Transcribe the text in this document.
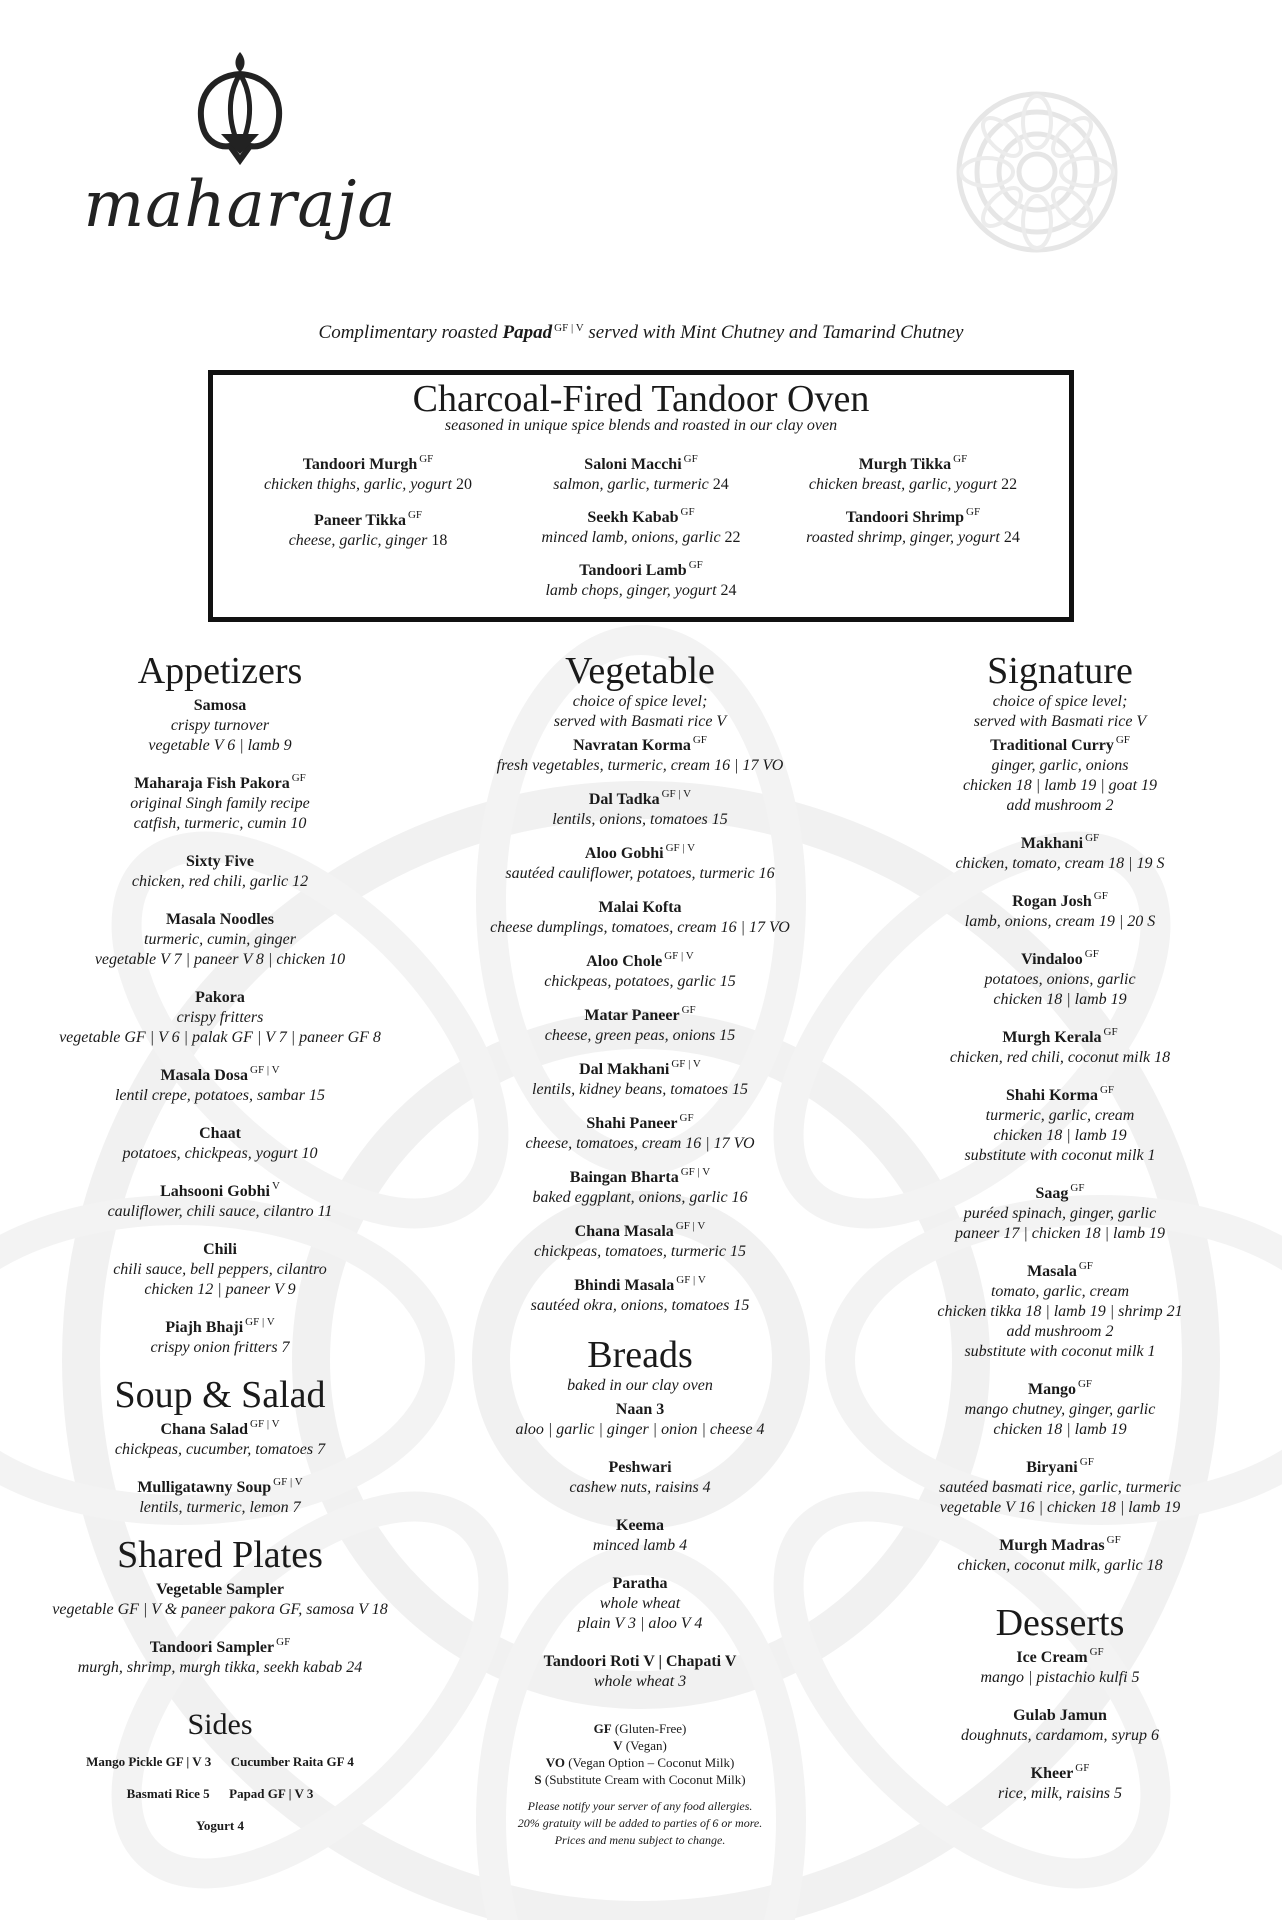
maharaja
Complimentary roasted Papad $^{GF | V}$ served with Mint Chutney and Tamarind Chutney
Charcoal-Fired Tandoor Oven
seasoned in unique spice blends and roasted in our clay oven
Tandoori Murgh $^{GF}$
chicken thighs, garlic, yogurt 20
Saloni Macchi $^{GF}$
salmon, garlic, turmeric 24
Murgh Tikka $^{GF}$
chicken breast, garlic, yogurt 22
Paneer Tikka $^{GF}$
cheese, garlic, ginger 18
Seekh Kabab $^{GF}$
minced lamb, onions, garlic 22
Tandoori Shrimp $^{GF}$
roasted shrimp, ginger, yogurt 24
Tandoori Lamb $^{GF}$
lamb chops, ginger, yogurt 24
Appetizers
Samosa
crispy turnover
vegetable V 6 | lamb 9
Maharaja Fish Pakora $^{GF}$
original Singh family recipe
catfish, turmeric, cumin 10
Sixty Five
chicken, red chili, garlic 12
Masala Noodles
turmeric, cumin, ginger
vegetable V 7 | paneer V 8 | chicken 10
Pakora
crispy fritters
vegetable GF | V 6 | palak GF | V 7 | paneer GF 8
Masala Dosa $^{GF | V}$
lentil crepe, potatoes, sambar 15
Chaat
potatoes, chickpeas, yogurt 10
Lahsooni Gobhi $^V$
cauliflower, chili sauce, cilantro 11
Chili
chili sauce, bell peppers, cilantro
chicken 12 | paneer V 9
Piajh Bhaji $^{GF | V}$
crispy onion fritters 7
Soup & Salad
Chana Salad $^{GF | V}$
chickpeas, cucumber, tomatoes 7
Mulligatawny Soup $^{GF | V}$
lentils, turmeric, lemon 7
Shared Plates
Vegetable Sampler
vegetable GF | V & paneer pakora GF, samosa V 18
Tandoori Sampler $^{GF}$
murgh, shrimp, murgh tikka, seekh kabab 24
Sides
Mango Pickle GF | V 3 Cucumber Raita GF 4
Basmati Rice 5 Papad GF | V 3
Yogurt 4
Vegetable
choice of spice level;
served with Basmati rice V
Navratan Korma $^{GF}$
fresh vegetables, turmeric, cream 16 | 17 VO
Dal Tadka $^{GF | V}$
lentils, onions, tomatoes 15
Aloo Gobhi $^{GF | V}$
sautéed cauliflower, potatoes, turmeric 16
Malai Kofta
cheese dumplings, tomatoes, cream 16 | 17 VO
Aloo Chole $^{GF | V}$
chickpeas, potatoes, garlic 15
Matar Paneer $^{GF}$
cheese, green peas, onions 15
Dal Makhani $^{GF | V}$
lentils, kidney beans, tomatoes 15
Shahi Paneer $^{GF}$
cheese, tomatoes, cream 16 | 17 VO
Baingan Bharta $^{GF | V}$
baked eggplant, onions, garlic 16
Chana Masala $^{GF | V}$
chickpeas, tomatoes, turmeric 15
Bhindi Masala $^{GF | V}$
sautéed okra, onions, tomatoes 15
Breads
baked in our clay oven
Naan 3
aloo | garlic | ginger | onion | cheese 4
Peshwari
cashew nuts, raisins 4
Keema
minced lamb 4
Paratha
whole wheat
plain V 3 | aloo V 4
Tandoori Roti V | Chapati V
whole wheat 3
GF (Gluten-Free)
V (Vegan)
VO (Vegan Option – Coconut Milk)
S (Substitute Cream with Coconut Milk)
Please notify your server of any food allergies.
20% gratuity will be added to parties of 6 or more.
Prices and menu subject to change.
Signature
choice of spice level;
served with Basmati rice V
Traditional Curry $^{GF}$
ginger, garlic, onions
chicken 18 | lamb 19 | goat 19
add mushroom 2
Makhani $^{GF}$
chicken, tomato, cream 18 | 19 S
Rogan Josh $^{GF}$
lamb, onions, cream 19 | 20 S
Vindaloo $^{GF}$
potatoes, onions, garlic
chicken 18 | lamb 19
Murgh Kerala $^{GF}$
chicken, red chili, coconut milk 18
Shahi Korma $^{GF}$
turmeric, garlic, cream
chicken 18 | lamb 19
substitute with coconut milk 1
Saag $^{GF}$
puréed spinach, ginger, garlic
paneer 17 | chicken 18 | lamb 19
Masala $^{GF}$
tomato, garlic, cream
chicken tikka 18 | lamb 19 | shrimp 21
add mushroom 2
substitute with coconut milk 1
Mango $^{GF}$
mango chutney, ginger, garlic
chicken 18 | lamb 19
Biryani $^{GF}$
sautéed basmati rice, garlic, turmeric
vegetable V 16 | chicken 18 | lamb 19
Murgh Madras $^{GF}$
chicken, coconut milk, garlic 18
Desserts
Ice Cream $^{GF}$
mango | pistachio kulfi 5
Gulab Jamun
doughnuts, cardamom, syrup 6
Kheer $^{GF}$
rice, milk, raisins 5
